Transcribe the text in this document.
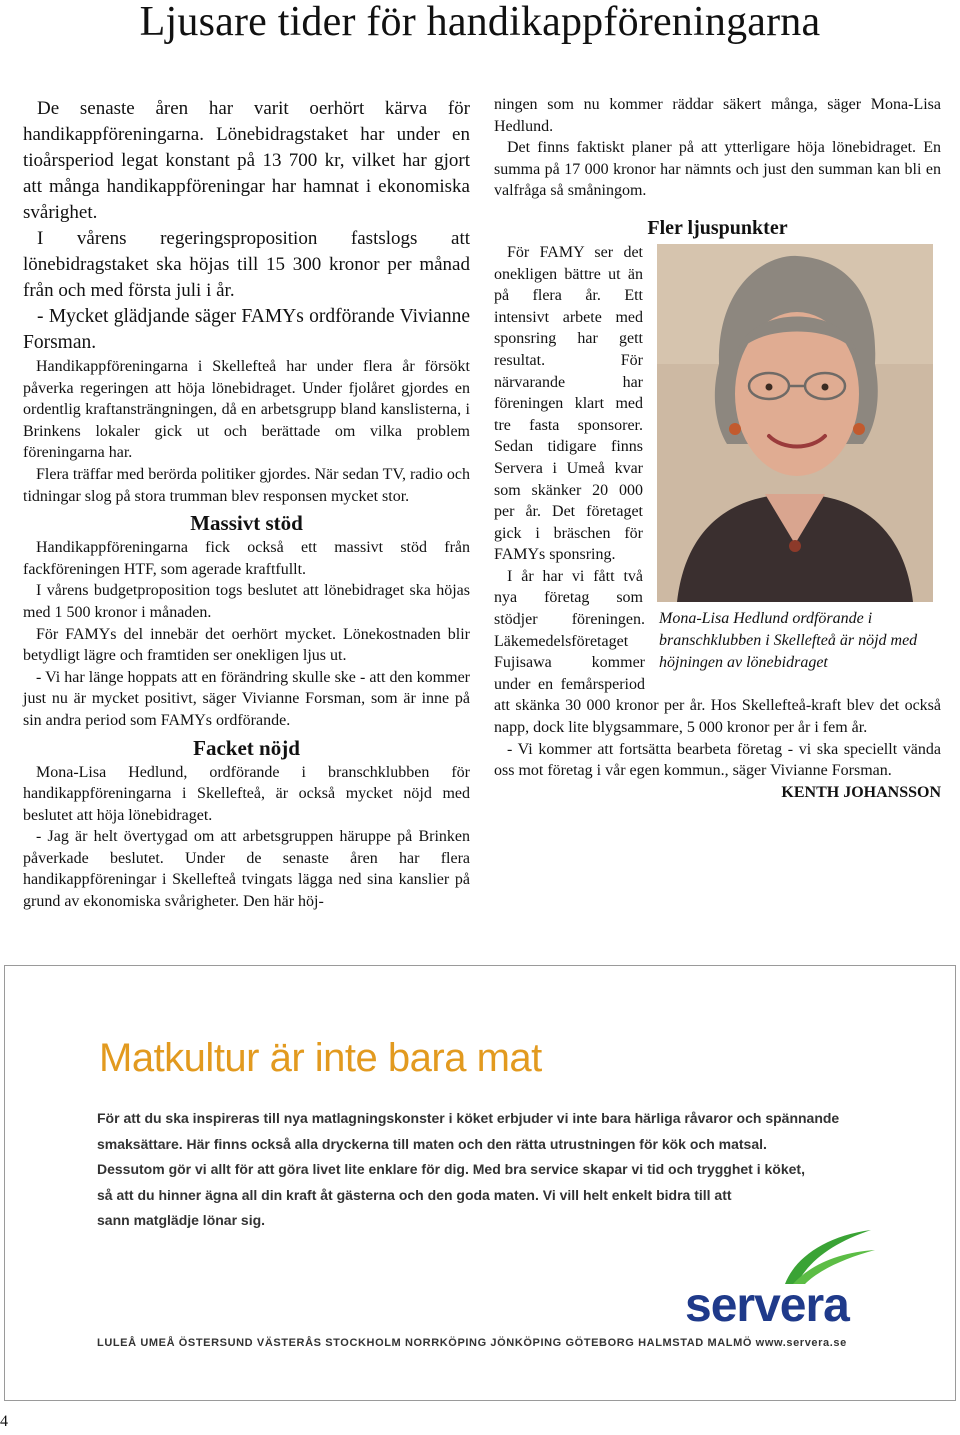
Ljusare tider för handikappföreningarna

De senaste åren har varit oerhört kärva för handikappföreningarna. Lönebidragstaket har under en tioårsperiod legat konstant på 13 700 kr, vilket har gjort att många handikappföreningar har hamnat i ekonomiska svårighet.

I vårens regeringsproposition fastslogs att lönebidragstaket ska höjas till 15 300 kronor per månad från och med första juli i år.

- Mycket glädjande säger FAMYs ordförande Vivianne Forsman.

Handikappföreningarna i Skellefteå har under flera år försökt påverka regeringen att höja lönebidraget. Under fjolåret gjordes en ordentlig kraftansträngningen, då en arbetsgrupp bland kanslisterna, i Brinkens lokaler gick ut och berättade om vilka problem föreningarna har.

Flera träffar med berörda politiker gjordes. När sedan TV, radio och tidningar slog på stora trumman blev responsen mycket stor.

Massivt stöd

Handikappföreningarna fick också ett massivt stöd från fackföreningen HTF, som agerade kraftfullt.

I vårens budgetproposition togs beslutet att lönebidraget ska höjas med 1 500 kronor i månaden.

För FAMYs del innebär det oerhört mycket. Lönekostnaden blir betydligt lägre och framtiden ser onekligen ljus ut.

- Vi har länge hoppats att en förändring skulle ske - att den kommer just nu är mycket positivt, säger Vivianne Forsman, som är inne på sin andra period som FAMYs ordförande.

Facket nöjd

Mona-Lisa Hedlund, ordförande i branschklubben för handikappföreningarna i Skellefteå, är också mycket nöjd med beslutet att höja lönebidraget.

- Jag är helt övertygad om att arbetsgruppen häruppe på Brinken påverkade beslutet. Under de senaste åren har flera handikappföreningar i Skellefteå tvingats lägga ned sina kanslier på grund av ekonomiska svårigheter. Den här höj-

ningen som nu kommer räddar säkert många, säger Mona-Lisa Hedlund.

Det finns faktiskt planer på att ytterligare höja lönebidraget. En summa på 17 000 kronor har nämnts och just den summan kan bli en valfråga så småningom.

Fler ljuspunkter
Mona-Lisa Hedlund ordförande i branschklubben i Skellefteå är nöjd med höjningen av lönebidraget

För FAMY ser det onekligen bättre ut än på flera år. Ett intensivt arbete med sponsring har gett resultat. För närvarande har föreningen klart med tre fasta sponsorer. Sedan tidigare finns Servera i Umeå kvar som skänker 20 000 per år. Det företaget gick i bräschen för FAMYs sponsring.

I år har vi fått två nya företag som stödjer föreningen. Läkemedelsföretaget Fujisawa kommer under en femårsperiod att skänka 30 000 kronor per år. Hos Skellefteå-kraft blev det också napp, dock lite blygsammare, 5 000 kronor per år i fem år.

- Vi kommer att fortsätta bearbeta företag - vi ska speciellt vända oss mot företag i vår egen kommun., säger Vivianne Forsman.

KENTH JOHANSSON

Matkultur är inte bara mat
För att du ska inspireras till nya matlagningskonster i köket erbjuder vi inte bara härliga råvaror och spännande
smaksättare. Här finns också alla dryckerna till maten och den rätta utrustningen för kök och matsal.
Dessutom gör vi allt för att göra livet lite enklare för dig. Med bra service skapar vi tid och trygghet i köket,
så att du hinner ägna all din kraft åt gästerna och den goda maten. Vi vill helt enkelt bidra till att
sann matglädje lönar sig.
servera
LULEÅ UMEÅ ÖSTERSUND VÄSTERÅS STOCKHOLM NORRKÖPING JÖNKÖPING GÖTEBORG HALMSTAD MALMÖ www.servera.se
4
